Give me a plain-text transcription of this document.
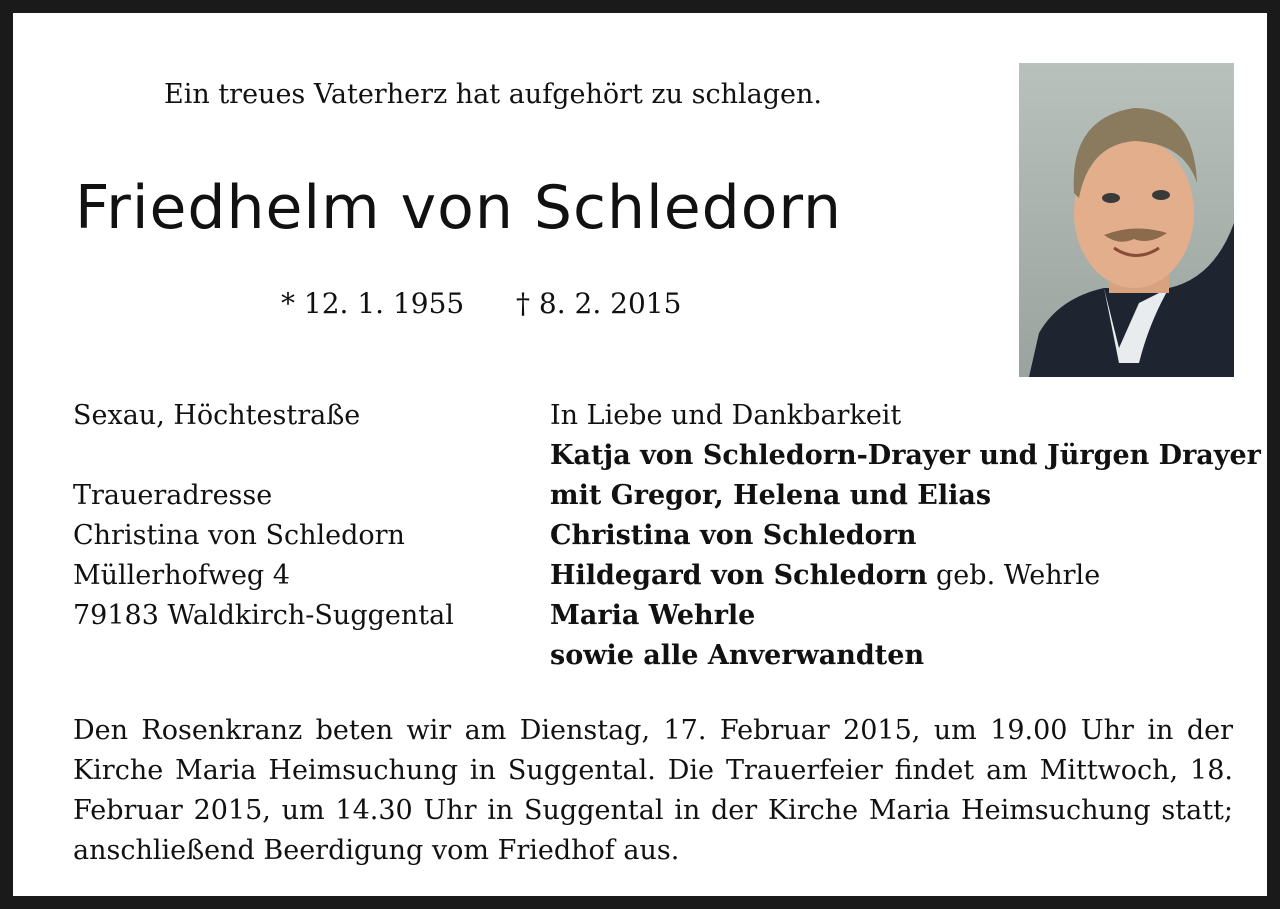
Ein treues Vaterherz hat aufgehört zu schlagen.
Friedhelm von Schledorn
* 12. 1. 1955 † 8. 2. 2015
Sexau, Höchtestraße
Traueradresse
Christina von Schledorn
Müllerhofweg 4
79183 Waldkirch-Suggental
In Liebe und Dankbarkeit
Katja von Schledorn-Drayer und Jürgen Drayer
mit Gregor, Helena und Elias
Christina von Schledorn
Hildegard von Schledorn geb. Wehrle
Maria Wehrle
sowie alle Anverwandten
Den Rosenkranz beten wir am Dienstag, 17. Februar 2015, um 19.00 Uhr in der Kirche Maria Heimsuchung in Suggental. Die Trauerfeier findet am Mittwoch, 18. Februar 2015, um 14.30 Uhr in Suggental in der Kirche Maria Heimsuchung statt; anschließend Beerdigung vom Friedhof aus.
